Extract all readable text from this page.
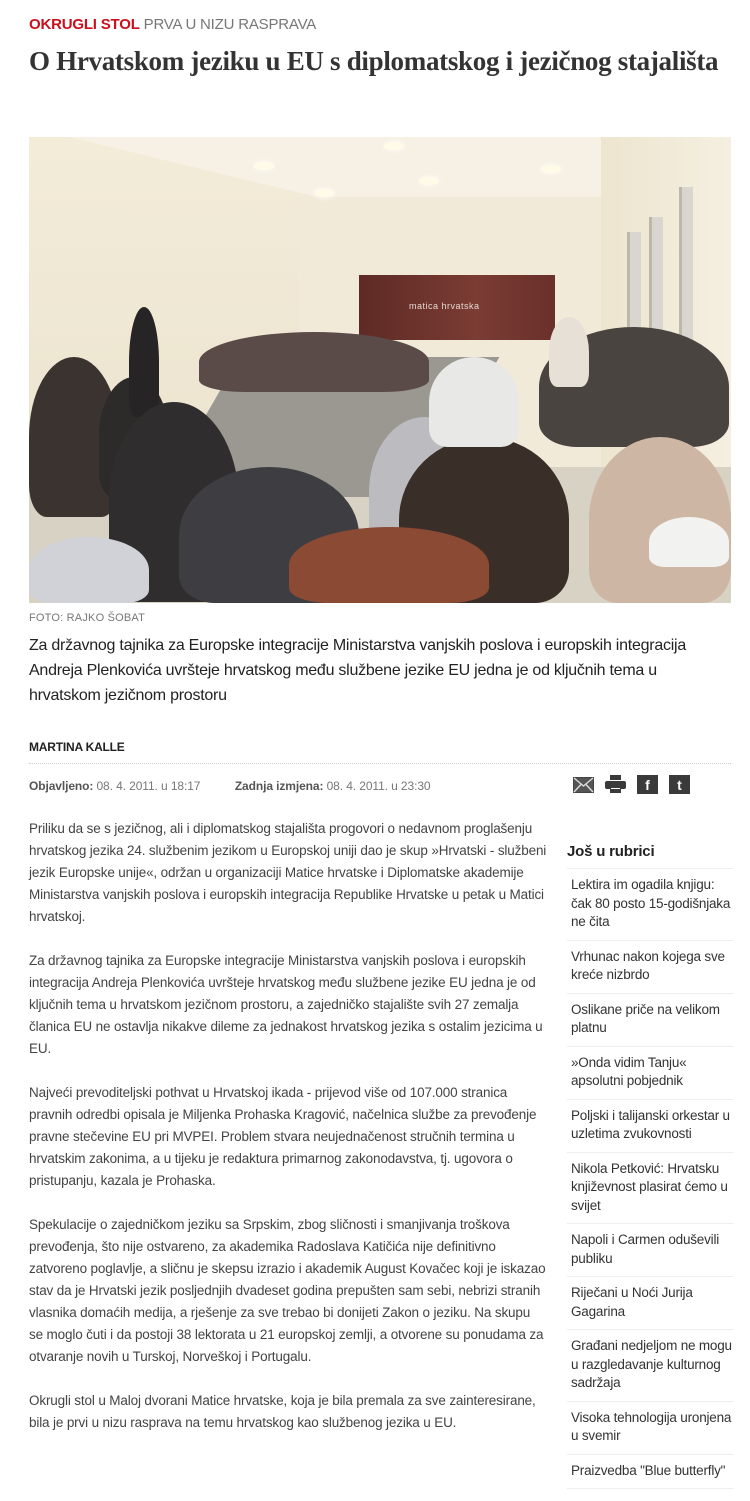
OKRUGLI STOL PRVA U NIZU RASPRAVA
O Hrvatskom jeziku u EU s diplomatskog i jezičnog stajališta
matica hrvatska
FOTO: RAJKO ŠOBAT

Za državnog tajnika za Europske integracije Ministarstva vanjskih poslova i europskih integracija Andreja Plenkovića uvršteje hrvatskog među službene jezike EU jedna je od ključnih tema u hrvatskom jezičnom prostoru

MARTINA KALLE
Objavljeno: 08. 4. 2011. u 18:17	Zadnja izmjena: 08. 4. 2011. u 23:30	f	t

Priliku da se s jezičnog, ali i diplomatskog stajališta progovori o nedavnom proglašenju hrvatskog jezika 24. službenim jezikom u Europskoj uniji dao je skup »Hrvatski - službeni jezik Europske unije«, održan u organizaciji Matice hrvatske i Diplomatske akademije Ministarstva vanjskih poslova i europskih integracija Republike Hrvatske u petak u Matici hrvatskoj.

Za državnog tajnika za Europske integracije Ministarstva vanjskih poslova i europskih integracija Andreja Plenkovića uvršteje hrvatskog među službene jezike EU jedna je od ključnih tema u hrvatskom jezičnom prostoru, a zajedničko stajalište svih 27 zemalja članica EU ne ostavlja nikakve dileme za jednakost hrvatskog jezika s ostalim jezicima u EU.

Najveći prevoditeljski pothvat u Hrvatskoj ikada - prijevod više od 107.000 stranica pravnih odredbi opisala je Miljenka Prohaska Kragović, načelnica službe za prevođenje pravne stečevine EU pri MVPEI. Problem stvara neujednačenost stručnih termina u hrvatskim zakonima, a u tijeku je redaktura primarnog zakonodavstva, tj. ugovora o pristupanju, kazala je Prohaska.

Spekulacije o zajedničkom jeziku sa Srpskim, zbog sličnosti i smanjivanja troškova prevođenja, što nije ostvareno, za akademika Radoslava Katičića nije definitivno zatvoreno poglavlje, a sličnu je skepsu izrazio i akademik August Kovačec koji je iskazao stav da je Hrvatski jezik posljednjih dvadeset godina prepušten sam sebi, nebrizi stranih vlasnika domaćih medija, a rješenje za sve trebao bi donijeti Zakon o jeziku. Na skupu se moglo čuti i da postoji 38 lektorata u 21 europskoj zemlji, a otvorene su ponudama za otvaranje novih u Turskoj, Norveškoj i Portugalu.

Okrugli stol u Maloj dvorani Matice hrvatske, koja je bila premala za sve zainteresirane, bila je prvi u nizu rasprava na temu hrvatskog kao službenog jezika u EU.

Još u rubrici
Lektira im ogadila knjigu: čak 80 posto 15-godišnjaka ne čita
Vrhunac nakon kojega sve kreće nizbrdo
Oslikane priče na velikom platnu
»Onda vidim Tanju« apsolutni pobjednik
Poljski i talijanski orkestar u uzletima zvukovnosti
Nikola Petković: Hrvatsku književnost plasirat ćemo u svijet
Napoli i Carmen oduševili publiku
Riječani u Noći Jurija Gagarina
Građani nedjeljom ne mogu u razgledavanje kulturnog sadržaja
Visoka tehnologija uronjena u svemir
Praizvedba "Blue butterfly"
